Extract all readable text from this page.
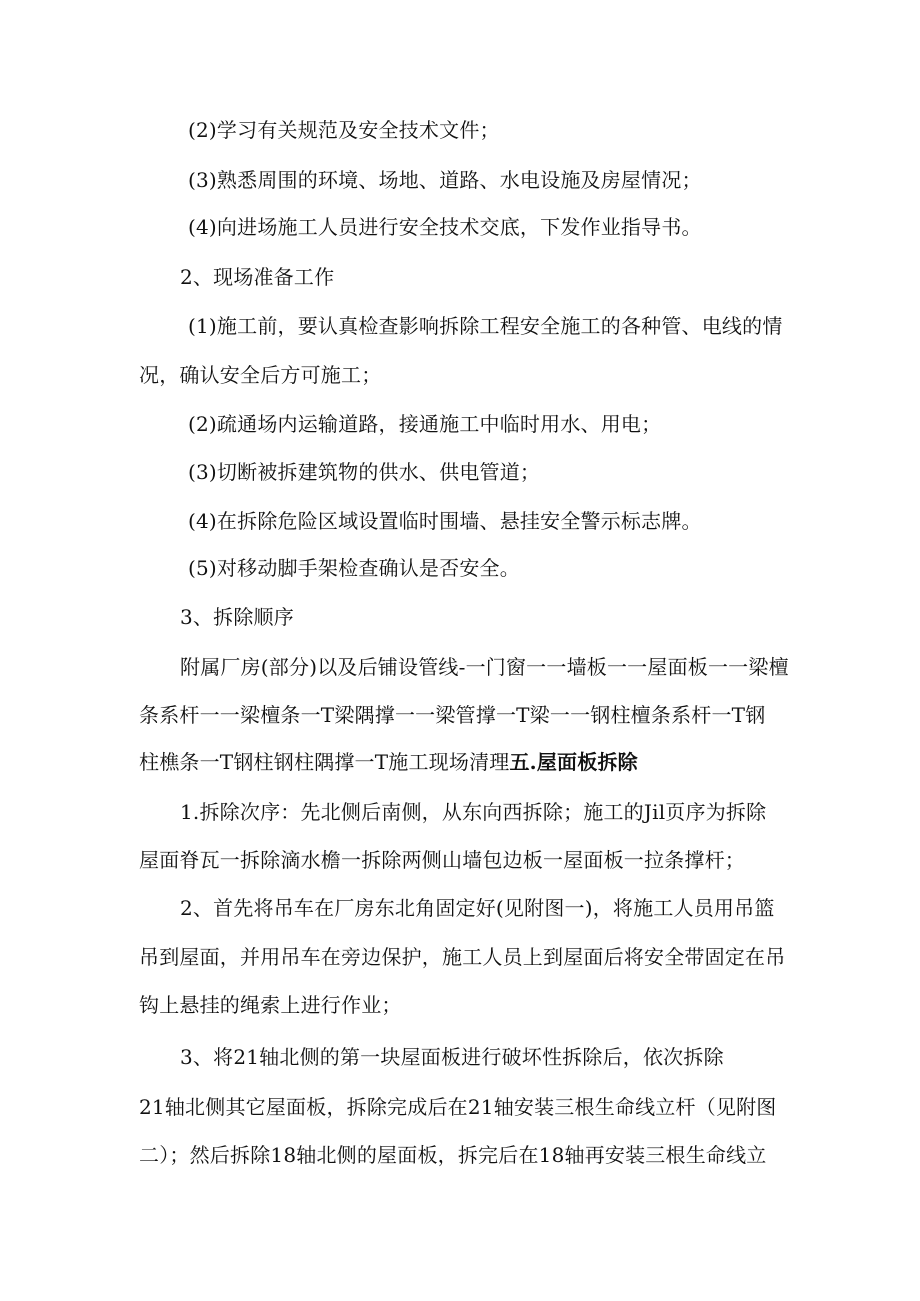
(2)学习有关规范及安全技术文件；
(3)熟悉周围的环境、场地、道路、水电设施及房屋情况；
(4)向进场施工人员进行安全技术交底，下发作业指导书。
2、现场准备工作
(1)施工前，要认真检查影响拆除工程安全施工的各种管、电线的情
况，确认安全后方可施工；
(2)疏通场内运输道路，接通施工中临时用水、用电；
(3)切断被拆建筑物的供水、供电管道；
(4)在拆除危险区域设置临时围墙、悬挂安全警示标志牌。
(5)对移动脚手架检查确认是否安全。
3、拆除顺序
附属厂房(部分)以及后铺设管线-一门窗一一墙板一一屋面板一一梁檀
条系杆一一梁檀条一T梁隅撑一一梁管撑一T梁一一钢柱檀条系杆一T钢
柱樵条一T钢柱钢柱隅撑一T施工现场清理五.屋面板拆除
1.拆除次序：先北侧后南侧，从东向西拆除；施工的Jil页序为拆除
屋面脊瓦一拆除滴水檐一拆除两侧山墙包边板一屋面板一拉条撑杆；
2、首先将吊车在厂房东北角固定好(见附图一)，将施工人员用吊篮
吊到屋面，并用吊车在旁边保护，施工人员上到屋面后将安全带固定在吊
钩上悬挂的绳索上进行作业；
3、将21轴北侧的第一块屋面板进行破坏性拆除后，依次拆除
21轴北侧其它屋面板，拆除完成后在21轴安装三根生命线立杆（见附图
二）；然后拆除18轴北侧的屋面板，拆完后在18轴再安装三根生命线立
